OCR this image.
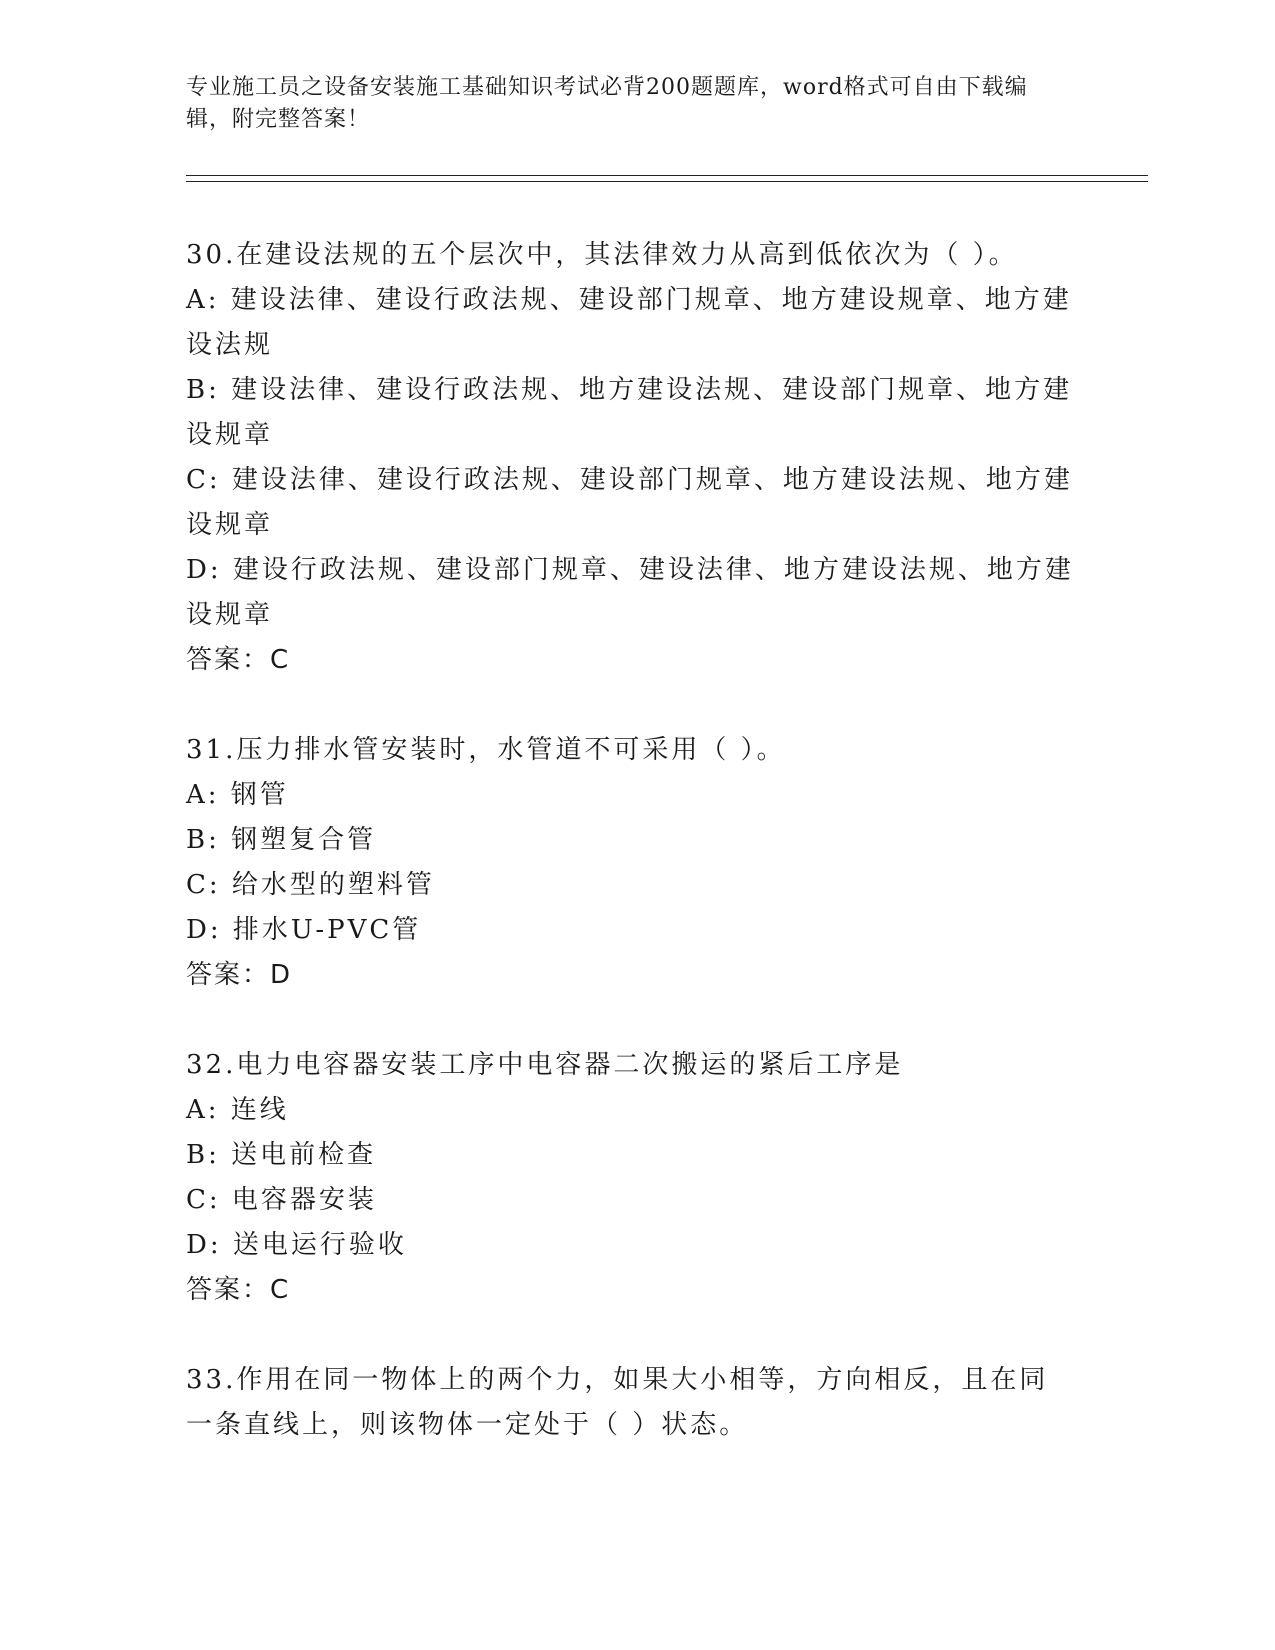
专业施工员之设备安装施工基础知识考试必背200题题库，word格式可自由下载编辑，附完整答案！

30.在建设法规的五个层次中，其法律效力从高到低依次为（ ）。

A: 建设法律、建设行政法规、建设部门规章、地方建设规章、地方建设法规

B: 建设法律、建设行政法规、地方建设法规、建设部门规章、地方建设规章

C: 建设法律、建设行政法规、建设部门规章、地方建设法规、地方建设规章

D: 建设行政法规、建设部门规章、建设法律、地方建设法规、地方建设规章

答案：C

31.压力排水管安装时，水管道不可采用（ ）。

A: 钢管

B: 钢塑复合管

C: 给水型的塑料管

D: 排水U-PVC管

答案：D

32.电力电容器安装工序中电容器二次搬运的紧后工序是

A: 连线

B: 送电前检查

C: 电容器安装

D: 送电运行验收

答案：C

33.作用在同一物体上的两个力，如果大小相等，方向相反，且在同一条直线上，则该物体一定处于（ ）状态。
